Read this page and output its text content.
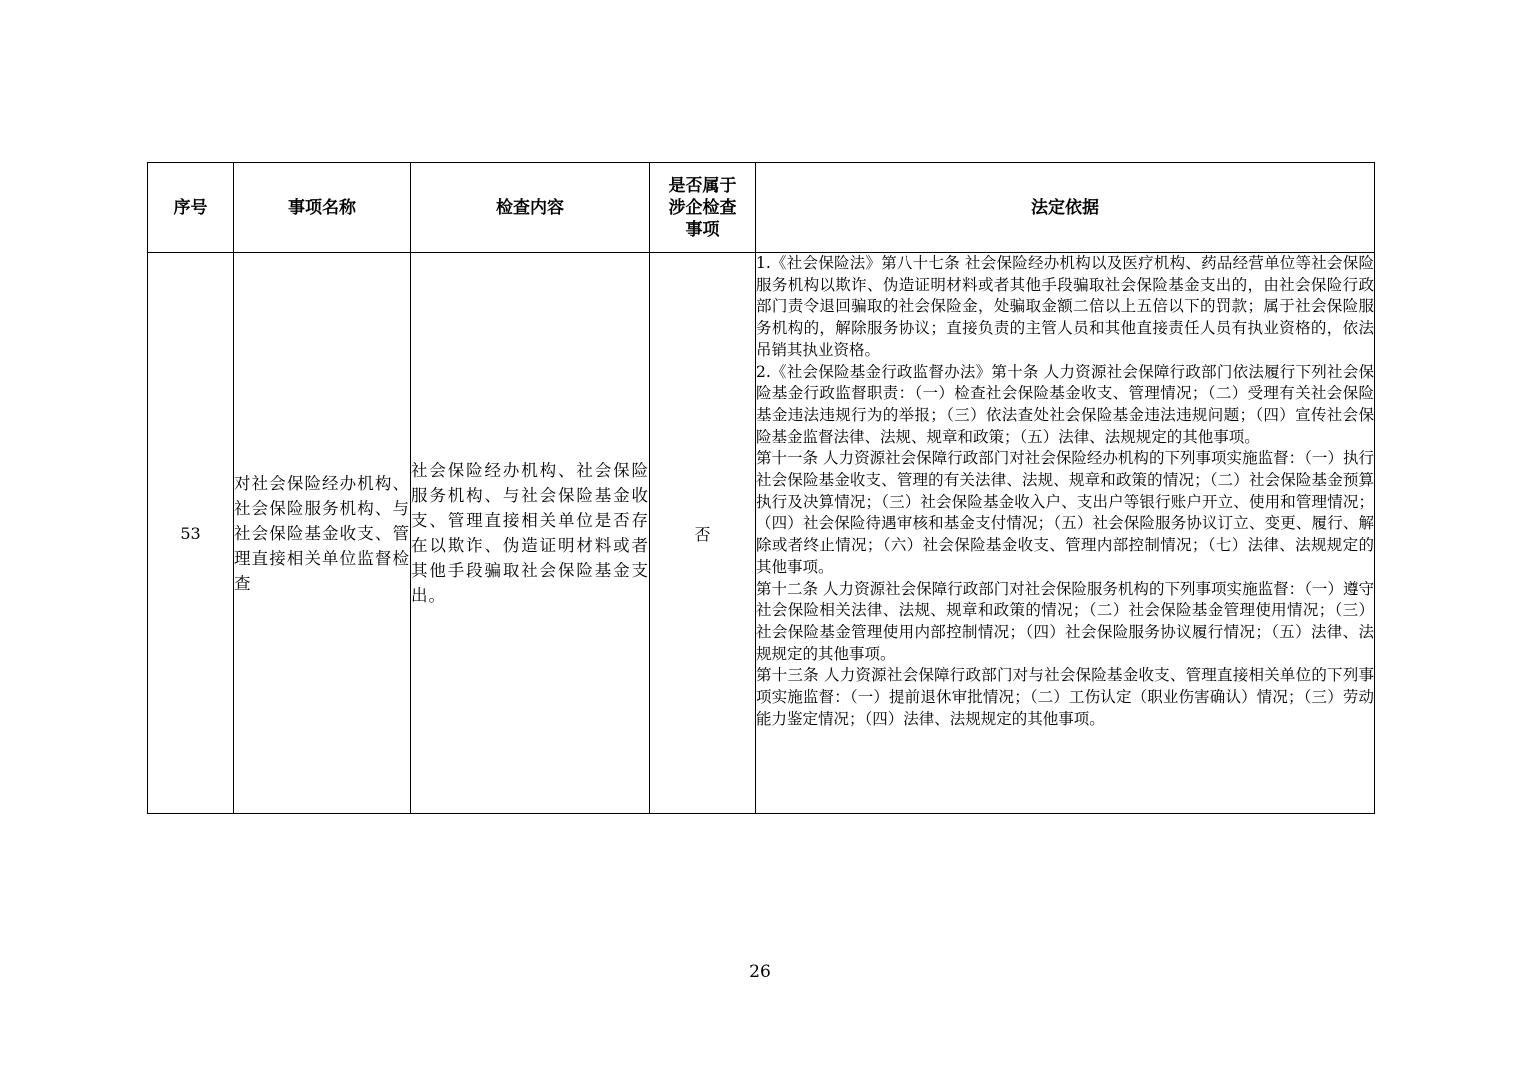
序号	事项名称	检查内容	是否属于
涉企检查
事项	法定依据
53	对社会保险经办机构、社会保险服务机构、与社会保险基金收支、管理直接相关单位监督检查	社会保险经办机构、社会保险服务机构、与社会保险基金收支、管理直接相关单位是否存在以欺诈、伪造证明材料或者其他手段骗取社会保险基金支出。	否	1.《社会保险法》第八十七条 社会保险经办机构以及医疗机构、药品经营单位等社会保险服务机构以欺诈、伪造证明材料或者其他手段骗取社会保险基金支出的，由社会保险行政部门责令退回骗取的社会保险金，处骗取金额二倍以上五倍以下的罚款；属于社会保险服务机构的，解除服务协议；直接负责的主管人员和其他直接责任人员有执业资格的，依法吊销其执业资格。

2.《社会保险基金行政监督办法》第十条 人力资源社会保障行政部门依法履行下列社会保险基金行政监督职责：（一）检查社会保险基金收支、管理情况；（二）受理有关社会保险基金违法违规行为的举报；（三）依法查处社会保险基金违法违规问题；（四）宣传社会保险基金监督法律、法规、规章和政策；（五）法律、法规规定的其他事项。

第十一条 人力资源社会保障行政部门对社会保险经办机构的下列事项实施监督：（一）执行社会保险基金收支、管理的有关法律、法规、规章和政策的情况；（二）社会保险基金预算执行及决算情况；（三）社会保险基金收入户、支出户等银行账户开立、使用和管理情况；（四）社会保险待遇审核和基金支付情况；（五）社会保险服务协议订立、变更、履行、解除或者终止情况；（六）社会保险基金收支、管理内部控制情况；（七）法律、法规规定的其他事项。

第十二条 人力资源社会保障行政部门对社会保险服务机构的下列事项实施监督：（一）遵守社会保险相关法律、法规、规章和政策的情况；（二）社会保险基金管理使用情况；（三）社会保险基金管理使用内部控制情况；（四）社会保险服务协议履行情况；（五）法律、法规规定的其他事项。

第十三条 人力资源社会保障行政部门对与社会保险基金收支、管理直接相关单位的下列事项实施监督：（一）提前退休审批情况；（二）工伤认定（职业伤害确认）情况；（三）劳动能力鉴定情况；（四）法律、法规规定的其他事项。

26
